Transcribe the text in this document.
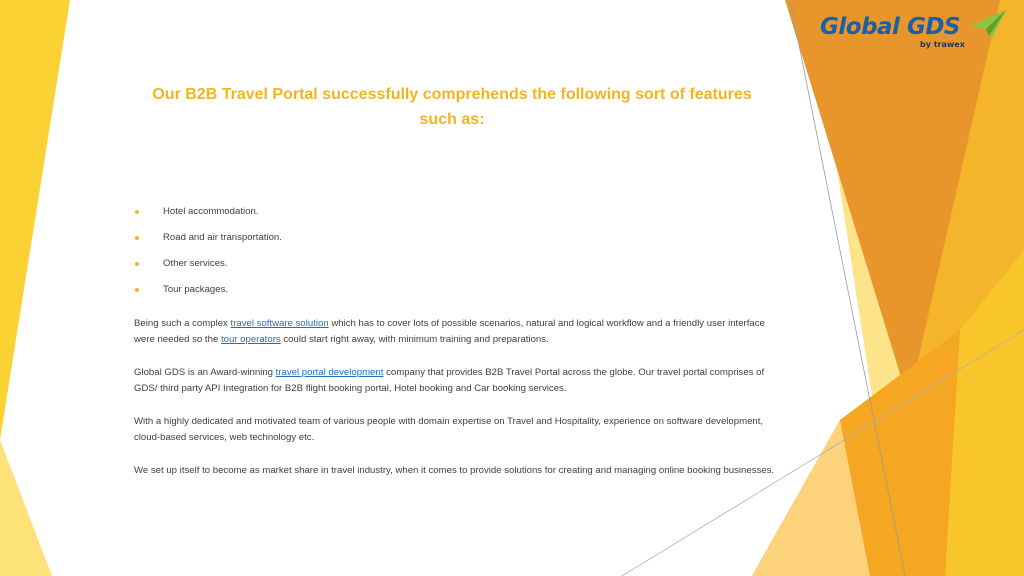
Global GDS
by trawex
Our B2B Travel Portal successfully comprehends the following sort of features such as:
Hotel accommodation.
Road and air transportation.
Other services.
Tour packages.

Being such a complex travel software solution which has to cover lots of possible scenarios, natural and logical workflow and a friendly user interface were needed so the tour operators could start right away, with minimum training and preparations.

Global GDS is an Award-winning travel portal development company that provides B2B Travel Portal across the globe. Our travel portal comprises of GDS/ third party API Integration for B2B flight booking portal, Hotel booking and Car booking services.

With a highly dedicated and motivated team of various people with domain expertise on Travel and Hospitality, experience on software development, cloud-based services, web technology etc.

We set up itself to become as market share in travel industry, when it comes to provide solutions for creating and managing online booking businesses.
